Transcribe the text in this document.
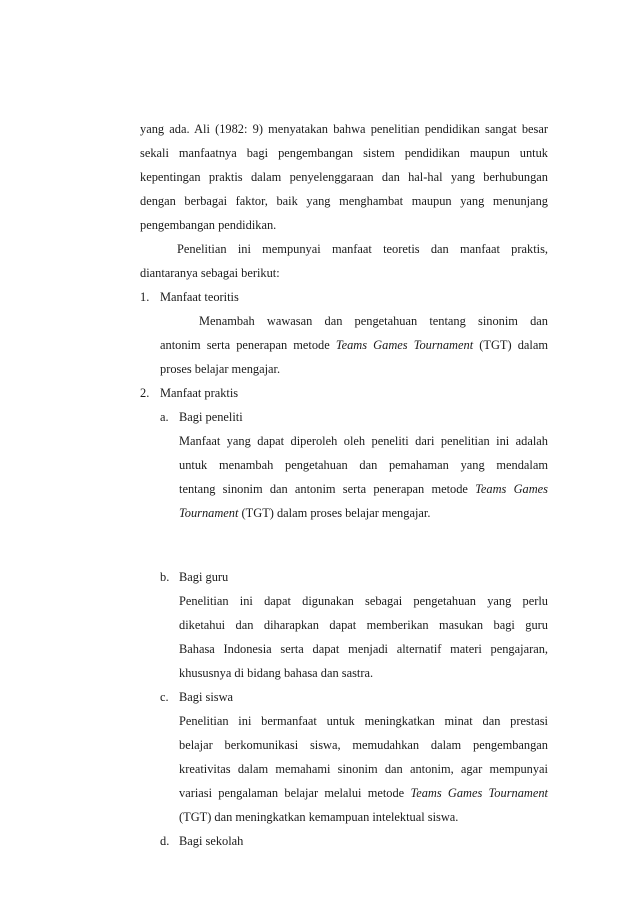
yang ada. Ali (1982: 9) menyatakan bahwa penelitian pendidikan sangat besar

sekali manfaatnya bagi pengembangan sistem pendidikan maupun untuk

kepentingan praktis dalam penyelenggaraan dan hal-hal yang berhubungan

dengan berbagai faktor, baik yang menghambat maupun yang menunjang

pengembangan pendidikan.

Penelitian ini mempunyai manfaat teoretis dan manfaat praktis,

diantaranya sebagai berikut:

1. Manfaat teoritis

Menambah wawasan dan pengetahuan tentang sinonim dan

antonim serta penerapan metode Teams Games Tournament (TGT) dalam

proses belajar mengajar.

2. Manfaat praktis

a. Bagi peneliti

Manfaat yang dapat diperoleh oleh peneliti dari penelitian ini adalah

untuk menambah pengetahuan dan pemahaman yang mendalam

tentang sinonim dan antonim serta penerapan metode Teams Games

Tournament (TGT) dalam proses belajar mengajar.

b. Bagi guru

Penelitian ini dapat digunakan sebagai pengetahuan yang perlu

diketahui dan diharapkan dapat memberikan masukan bagi guru

Bahasa Indonesia serta dapat menjadi alternatif materi pengajaran,

khususnya di bidang bahasa dan sastra.

c. Bagi siswa

Penelitian ini bermanfaat untuk meningkatkan minat dan prestasi

belajar berkomunikasi siswa, memudahkan dalam pengembangan

kreativitas dalam memahami sinonim dan antonim, agar mempunyai

variasi pengalaman belajar melalui metode Teams Games Tournament

(TGT) dan meningkatkan kemampuan intelektual siswa.

d. Bagi sekolah
